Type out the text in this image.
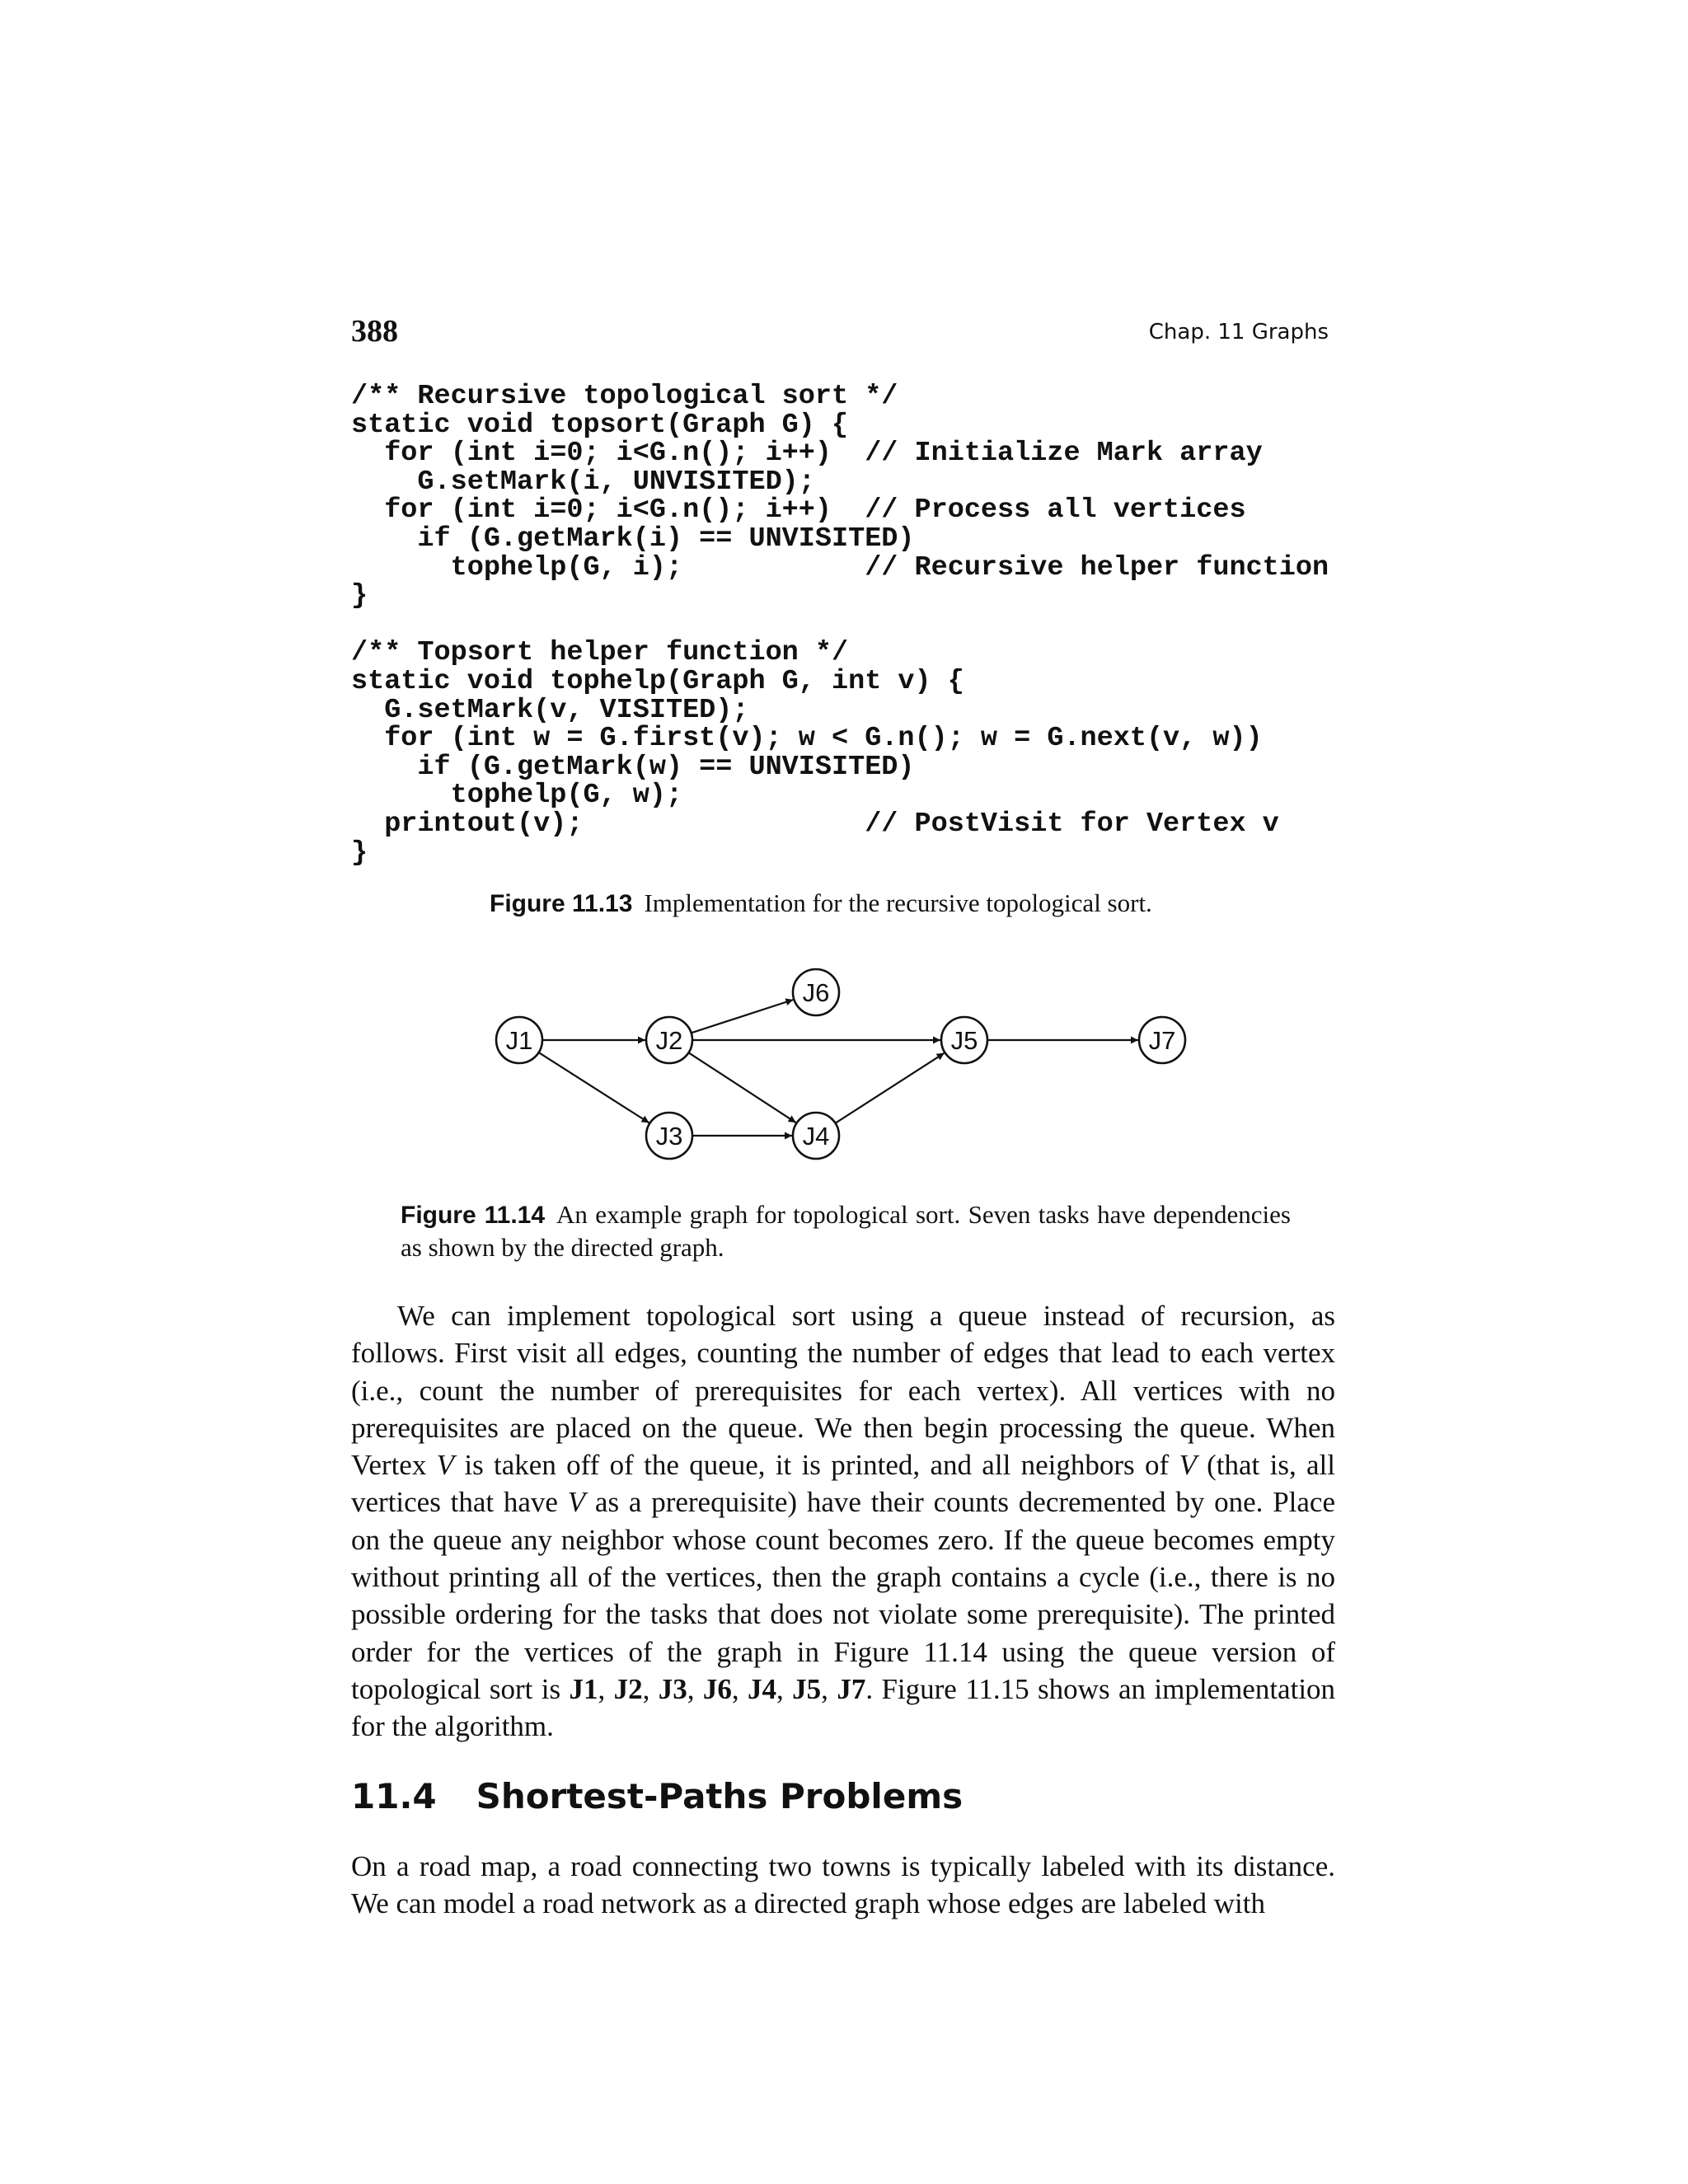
388	Chap. 11 Graphs
/** Recursive topological sort */
static void topsort(Graph G) {
for (int i=0; i<G.n(); i++)  // Initialize Mark array
G.setMark(i, UNVISITED);
for (int i=0; i<G.n(); i++)  // Process all vertices
if (G.getMark(i) == UNVISITED)
tophelp(G, i);           // Recursive helper function
}
/** Topsort helper function */
static void tophelp(Graph G, int v) {
G.setMark(v, VISITED);
for (int w = G.first(v); w < G.n(); w = G.next(v, w))
if (G.getMark(w) == UNVISITED)
tophelp(G, w);
printout(v);                 // PostVisit for Vertex v
}
Figure 11.13 Implementation for the recursive topological sort.
J1	J2
J3	J4
J5
J6
J7
Figure 11.14 An example graph for topological sort. Seven tasks have dependencies as shown by the directed graph.

We can implement topological sort using a queue instead of recursion, as follows. First visit all edges, counting the number of edges that lead to each vertex (i.e., count the number of prerequisites for each vertex). All vertices with no prerequisites are placed on the queue. We then begin processing the queue. When Vertex V is taken off of the queue, it is printed, and all neighbors of V (that is, all vertices that have V as a prerequisite) have their counts decremented by one. Place on the queue any neighbor whose count becomes zero. If the queue becomes empty without printing all of the vertices, then the graph contains a cycle (i.e., there is no possible ordering for the tasks that does not violate some prerequisite). The printed order for the vertices of the graph in Figure 11.14 using the queue version of topological sort is J1, J2, J3, J6, J4, J5, J7. Figure 11.15 shows an implementation for the algorithm.

11.4 Shortest-Paths Problems

On a road map, a road connecting two towns is typically labeled with its distance. We can model a road network as a directed graph whose edges are labeled with
